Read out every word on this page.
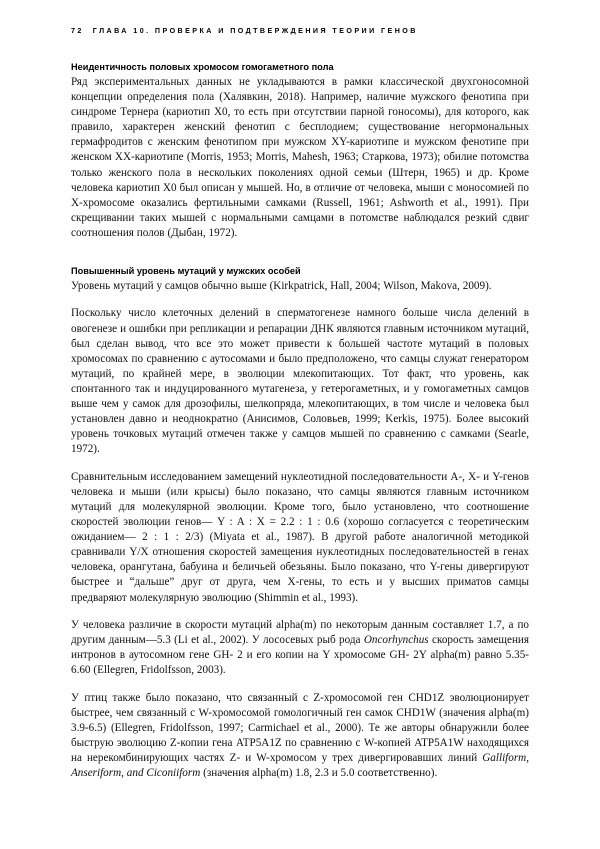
72 ГЛАВА 10. ПРОВЕРКА И ПОДТВЕРЖДЕНИЯ ТЕОРИИ ГЕНОВ
Неидентичность половых хромосом гомогаметного пола

Ряд экспериментальных данных не укладываются в рамки классической двухгоносомной концепции определения пола (Халявкин, 2018). Например, наличие мужского фенотипа при синдроме Тернера (кариотип X0, то есть при отсутствии парной гоносомы), для которого, как правило, характерен женский фенотип с бесплодием; существование негормональных гермафродитов с женским фенотипом при мужском XY-кариотипе и мужском фенотипе при женском XX-кариотипе (Morris, 1953; Morris, Mahesh, 1963; Старкова, 1973); обилие потомства только женского пола в нескольких поколениях одной семьи (Штерн, 1965) и др. Кроме человека кариотип X0 был описан у мышей. Но, в отличие от человека, мыши с моносомией по X-хромосоме оказались фертильными самками (Russell, 1961; Ashworth et al., 1991). При скрещивании таких мышей с нормальными самцами в потомстве наблюдался резкий сдвиг соотношения полов (Дыбан, 1972).

Повышенный уровень мутаций у мужских особей

Уровень мутаций у самцов обычно выше (Kirkpatrick, Hall, 2004; Wilson, Makova, 2009).

Поскольку число клеточных делений в сперматогенезе намного больше числа делений в овогенезе и ошибки при репликации и репарации ДНК являются главным источником мутаций, был сделан вывод, что все это может привести к большей частоте мутаций в половых хромосомах по сравнению с аутосомами и было предположено, что самцы служат генератором мутаций, по крайней мере, в эволюции млекопитающих. Тот факт, что уровень, как спонтанного так и индуцированного мутагенеза, у гетерогаметных, и у гомогаметных самцов выше чем у самок для дрозофилы, шелкопряда, млекопитающих, в том числе и человека был установлен давно и неоднократно (Анисимов, Соловьев, 1999; Kerkis, 1975). Более высокий уровень точковых мутаций отмечен также у самцов мышей по сравнению с самками (Searle, 1972).

Сравнительным исследованием замещений нуклеотидной последовательности A-, X- и Y-генов человека и мыши (или крысы) было показано, что самцы являются главным источником мутаций для молекулярной эволюции. Кроме того, было установлено, что соотношение скоростей эволюции генов— Y : A : X = 2.2 : 1 : 0.6 (хорошо согласуется с теоретическим ожиданием— 2 : 1 : 2/3) (Miyata et al., 1987). В другой работе аналогичной методикой сравнивали Y/X отношения скоростей замещения нуклеотидных последовательностей в генах человека, орангутана, бабуина и беличьей обезьяны. Было показано, что Y-гены дивергируют быстрее и “дальше” друг от друга, чем X-гены, то есть и у высших приматов самцы предваряют молекулярную эволюцию (Shimmin et al., 1993).

У человека различие в скорости мутаций alpha(m) по некоторым данным составляет 1.7, а по другим данным—5.3 (Li et al., 2002). У лососевых рыб рода Oncorhynchus скорость замещения интронов в аутосомном гене GH- 2 и его копии на Y хромосоме GH- 2Y alpha(m) равно 5.35-6.60 (Ellegren, Fridolfsson, 2003).

У птиц также было показано, что связанный с Z-хромосомой ген CHD1Z эволюционирует быстрее, чем связанный с W-хромосомой гомологичный ген самок CHD1W (значения alpha(m) 3.9-6.5) (Ellegren, Fridolfsson, 1997; Carmichael et al., 2000). Те же авторы обнаружили более быструю эволюцию Z-копии гена ATP5A1Z по сравнению с W-копией ATP5A1W находящихся на нерекомбинирующих частях Z- и W-хромосом у трех дивергировавших линий Galliform, Anseriform, and Ciconiiform (значения alpha(m) 1.8, 2.3 и 5.0 соответственно).
